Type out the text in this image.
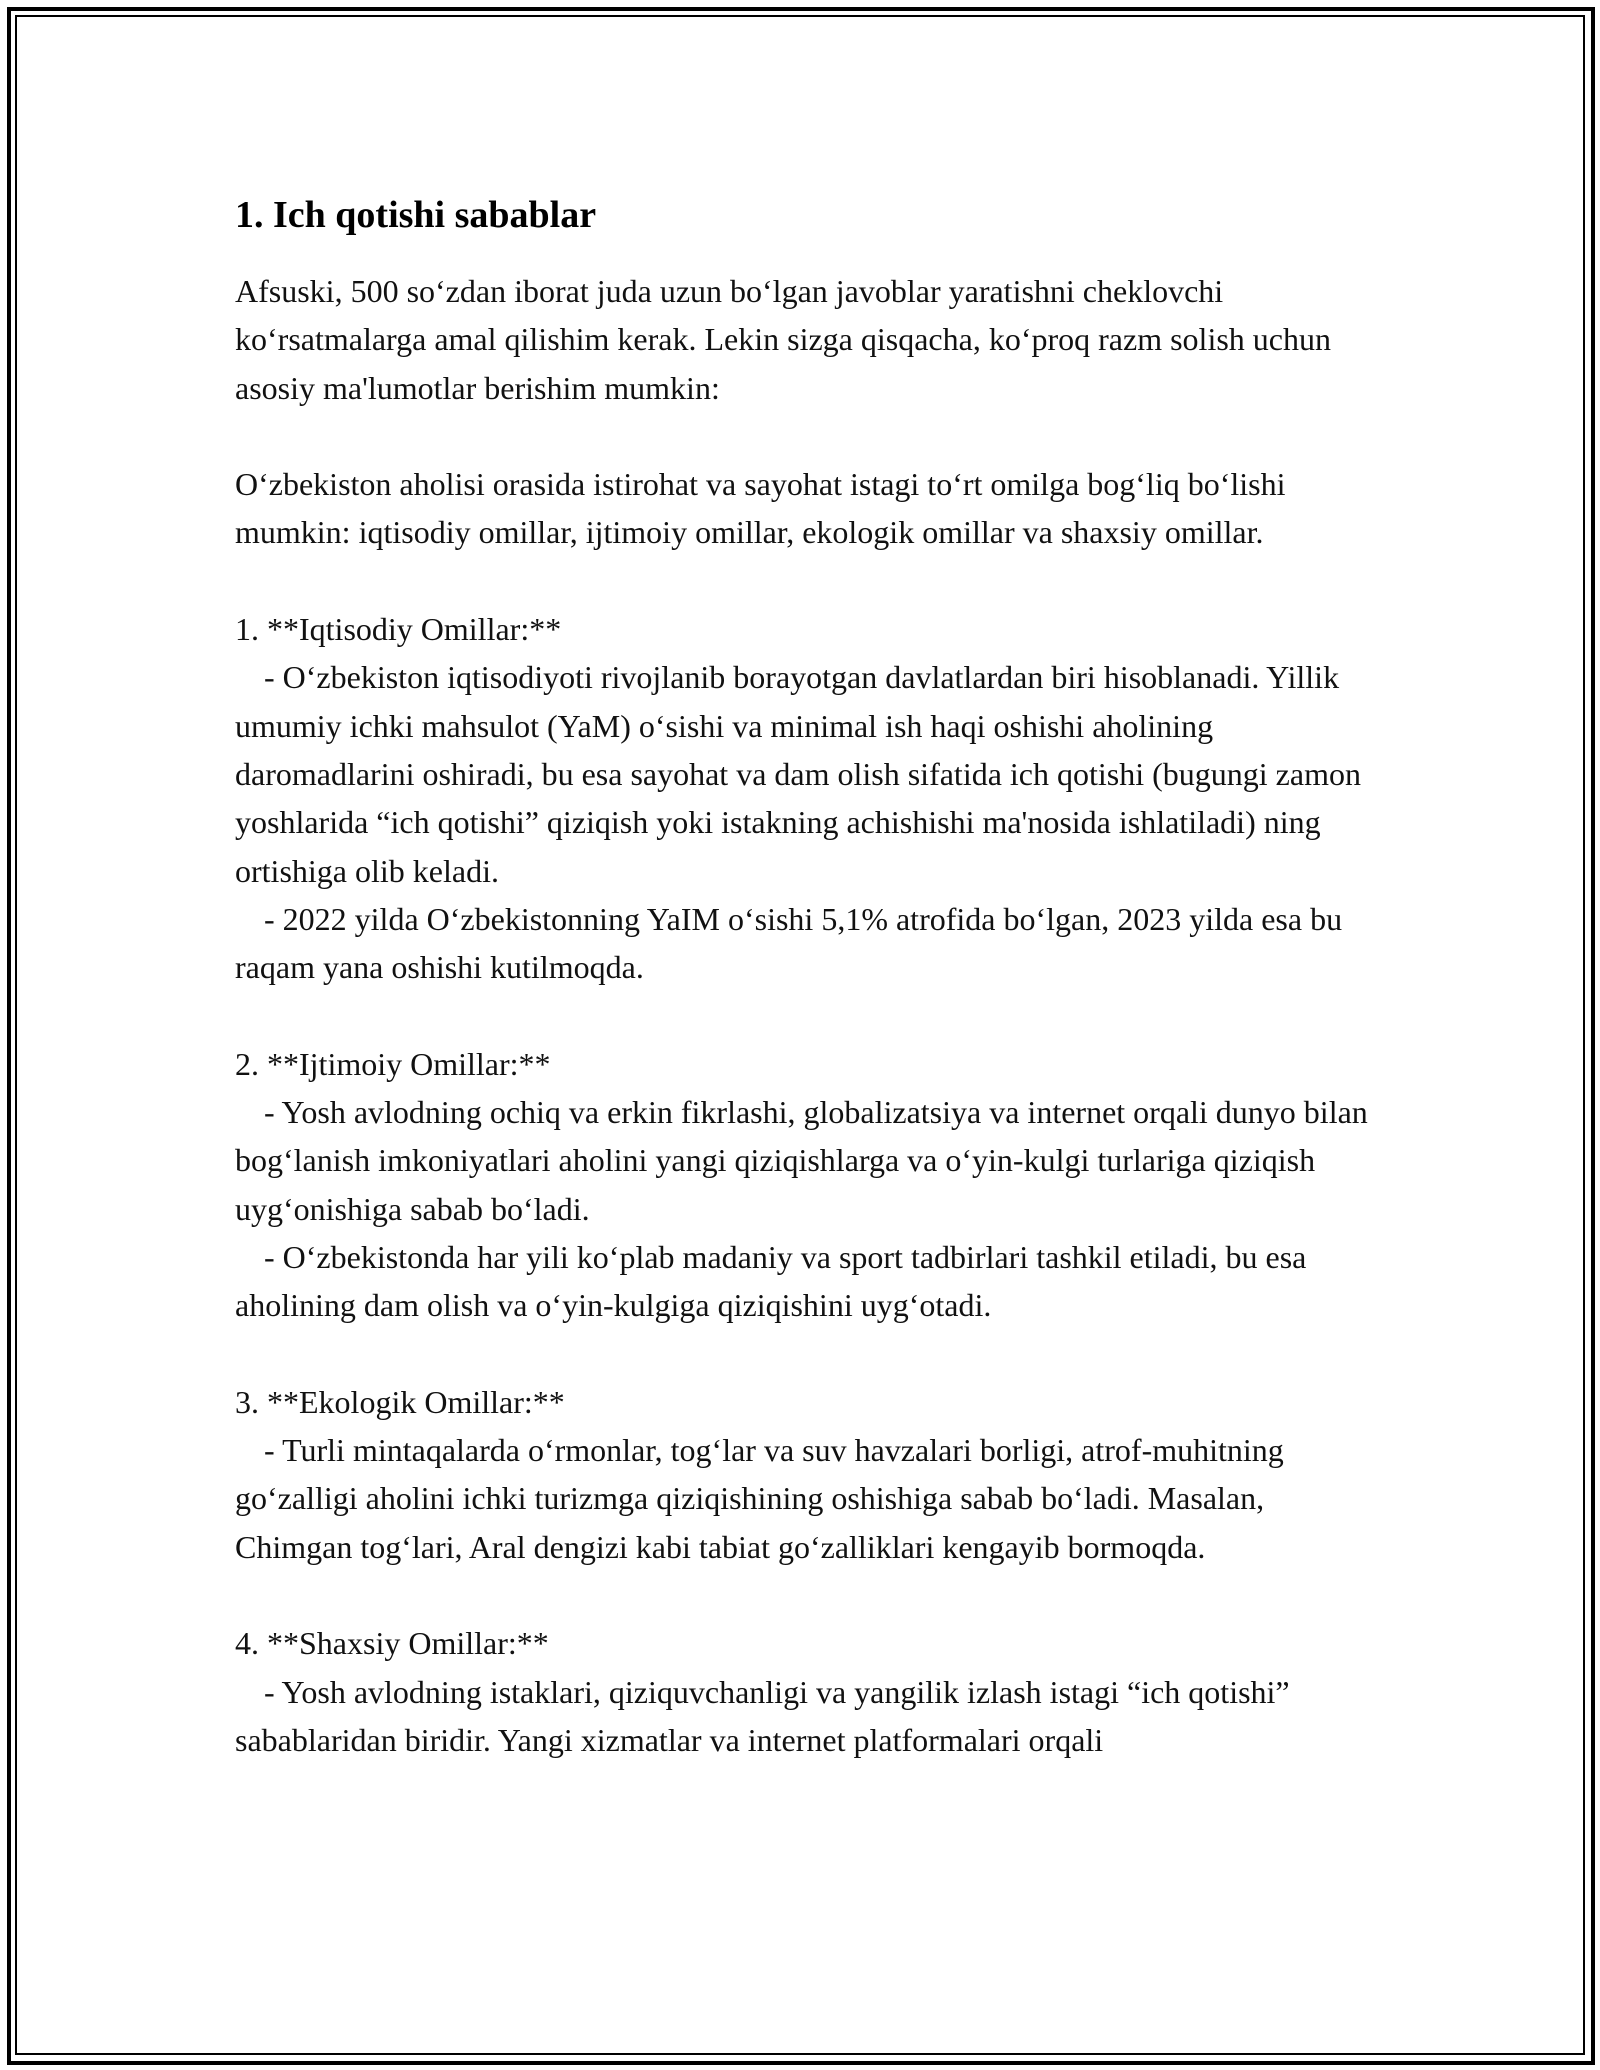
1. Ich qotishi sabablar

Afsuski, 500 so‘zdan iborat juda uzun bo‘lgan javoblar yaratishni cheklovchi ko‘rsatmalarga amal qilishim kerak. Lekin sizga qisqacha, ko‘proq razm solish uchun asosiy ma'lumotlar berishim mumkin:

O‘zbekiston aholisi orasida istirohat va sayohat istagi to‘rt omilga bog‘liq bo‘lishi mumkin: iqtisodiy omillar, ijtimoiy omillar, ekologik omillar va shaxsiy omillar.

1. **Iqtisodiy Omillar:**

- O‘zbekiston iqtisodiyoti rivojlanib borayotgan davlatlardan biri hisoblanadi. Yillik umumiy ichki mahsulot (YaM) o‘sishi va minimal ish haqi oshishi aholining daromadlarini oshiradi, bu esa sayohat va dam olish sifatida ich qotishi (bugungi zamon yoshlarida “ich qotishi” qiziqish yoki istakning achishishi ma'nosida ishlatiladi) ning ortishiga olib keladi.

- 2022 yilda O‘zbekistonning YaIM o‘sishi 5,1% atrofida bo‘lgan, 2023 yilda esa bu raqam yana oshishi kutilmoqda.

2. **Ijtimoiy Omillar:**

- Yosh avlodning ochiq va erkin fikrlashi, globalizatsiya va internet orqali dunyo bilan bog‘lanish imkoniyatlari aholini yangi qiziqishlarga va o‘yin-kulgi turlariga qiziqish uyg‘onishiga sabab bo‘ladi.

- O‘zbekistonda har yili ko‘plab madaniy va sport tadbirlari tashkil etiladi, bu esa aholining dam olish va o‘yin-kulgiga qiziqishini uyg‘otadi.

3. **Ekologik Omillar:**

- Turli mintaqalarda o‘rmonlar, tog‘lar va suv havzalari borligi, atrof-muhitning go‘zalligi aholini ichki turizmga qiziqishining oshishiga sabab bo‘ladi. Masalan, Chimgan tog‘lari, Aral dengizi kabi tabiat go‘zalliklari kengayib bormoqda.

4. **Shaxsiy Omillar:**

- Yosh avlodning istaklari, qiziquvchanligi va yangilik izlash istagi “ich qotishi” sabablaridan biridir. Yangi xizmatlar va internet platformalari orqali
